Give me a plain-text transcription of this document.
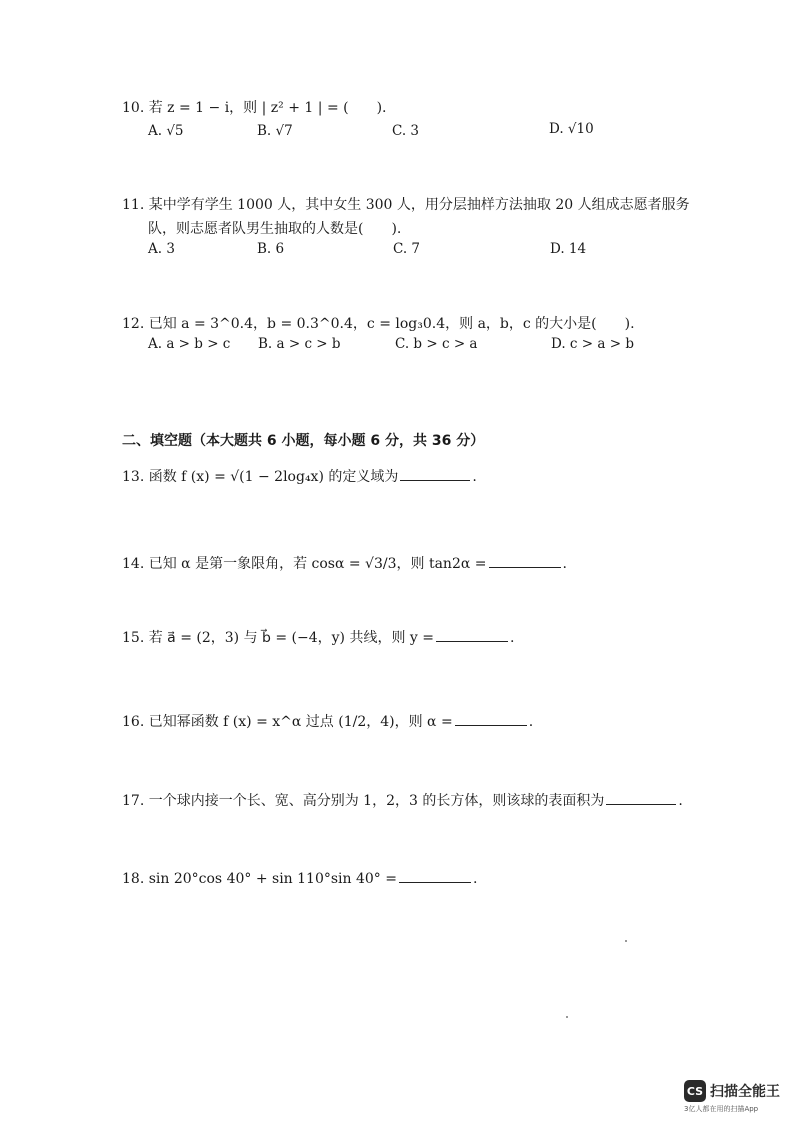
10. 若 z = 1 − i，则 | z² + 1 | = (　　).
A. √5	B. √7	C. 3	D. √10
11. 某中学有学生 1000 人，其中女生 300 人，用分层抽样方法抽取 20 人组成志愿者服务
队，则志愿者队男生抽取的人数是(　　).
A. 3	B. 6	C. 7	D. 14
12. 已知 a = 3^0.4，b = 0.3^0.4，c = log₃0.4，则 a，b，c 的大小是(　　).
A. a > b > c B. a > c > b	C. b > c > a	D. c > a > b
二、填空题（本大题共 6 小题，每小题 6 分，共 36 分）
13. 函数 f (x) = √(1 − 2log₄x) 的定义域为	.
14. 已知 α 是第一象限角，若 cosα = √3/3，则 tan2α =	.
15. 若 a⃗ = (2，3) 与 b⃗ = (−4，y) 共线，则 y =	.
16. 已知幂函数 f (x) = x^α 过点 (1/2，4)，则 α =	.
17. 一个球内接一个长、宽、高分别为 1，2，3 的长方体，则该球的表面积为	.
18. sin 20°cos 40° + sin 110°sin 40° =	.
CS 扫描全能王
3亿人都在用的扫描App
